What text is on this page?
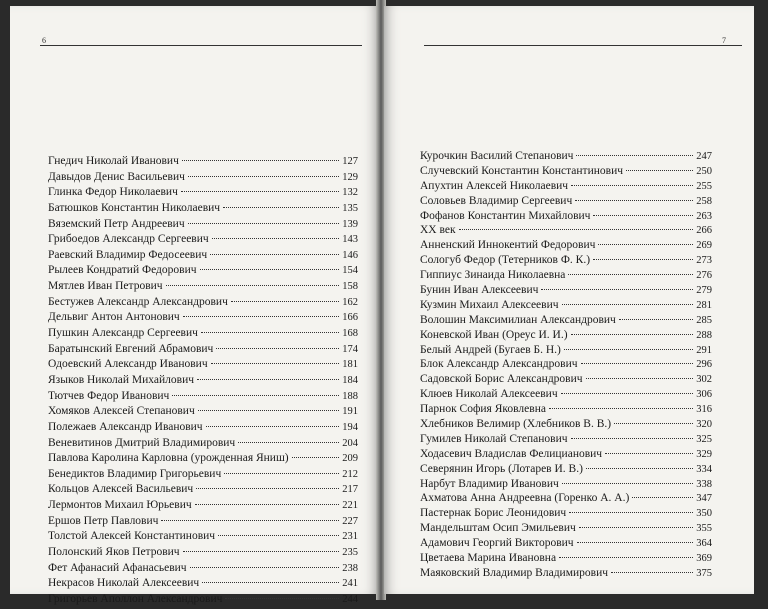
6
Гнедич Николай Иванович	127
Давыдов Денис Васильевич	129
Глинка Федор Николаевич	132
Батюшков Константин Николаевич	135
Вяземский Петр Андреевич	139
Грибоедов Александр Сергеевич	143
Раевский Владимир Федосеевич	146
Рылеев Кондратий Федорович	154
Мятлев Иван Петрович	158
Бестужев Александр Александрович	162
Дельвиг Антон Антонович	166
Пушкин Александр Сергеевич	168
Баратынский Евгений Абрамович	174
Одоевский Александр Иванович	181
Языков Николай Михайлович	184
Тютчев Федор Иванович	188
Хомяков Алексей Степанович	191
Полежаев Александр Иванович	194
Веневитинов Дмитрий Владимирович	204
Павлова Каролина Карловна (урожденная Яниш)	209
Бенедиктов Владимир Григорьевич	212
Кольцов Алексей Васильевич	217
Лермонтов Михаил Юрьевич	221
Ершов Петр Павлович	227
Толстой Алексей Константинович	231
Полонский Яков Петрович	235
Фет Афанасий Афанасьевич	238
Некрасов Николай Алексеевич	241
Григорьев Аполлон Александрович	244
7
Курочкин Василий Степанович	247
Случевский Константин Константинович	250
Апухтин Алексей Николаевич	255
Соловьев Владимир Сергеевич	258
Фофанов Константин Михайлович	263
XX век	266
Анненский Иннокентий Федорович	269
Сологуб Федор (Тетерников Ф. К.)	273
Гиппиус Зинаида Николаевна	276
Бунин Иван Алексеевич	279
Кузмин Михаил Алексеевич	281
Волошин Максимилиан Александрович	285
Коневской Иван (Ореус И. И.)	288
Белый Андрей (Бугаев Б. Н.)	291
Блок Александр Александрович	296
Садовской Борис Александрович	302
Клюев Николай Алексеевич	306
Парнок София Яковлевна	316
Хлебников Велимир (Хлебников В. В.)	320
Гумилев Николай Степанович	325
Ходасевич Владислав Фелицианович	329
Северянин Игорь (Лотарев И. В.)	334
Нарбут Владимир Иванович	338
Ахматова Анна Андреевна (Горенко А. А.)	347
Пастернак Борис Леонидович	350
Мандельштам Осип Эмильевич	355
Адамович Георгий Викторович	364
Цветаева Марина Ивановна	369
Маяковский Владимир Владимирович	375
